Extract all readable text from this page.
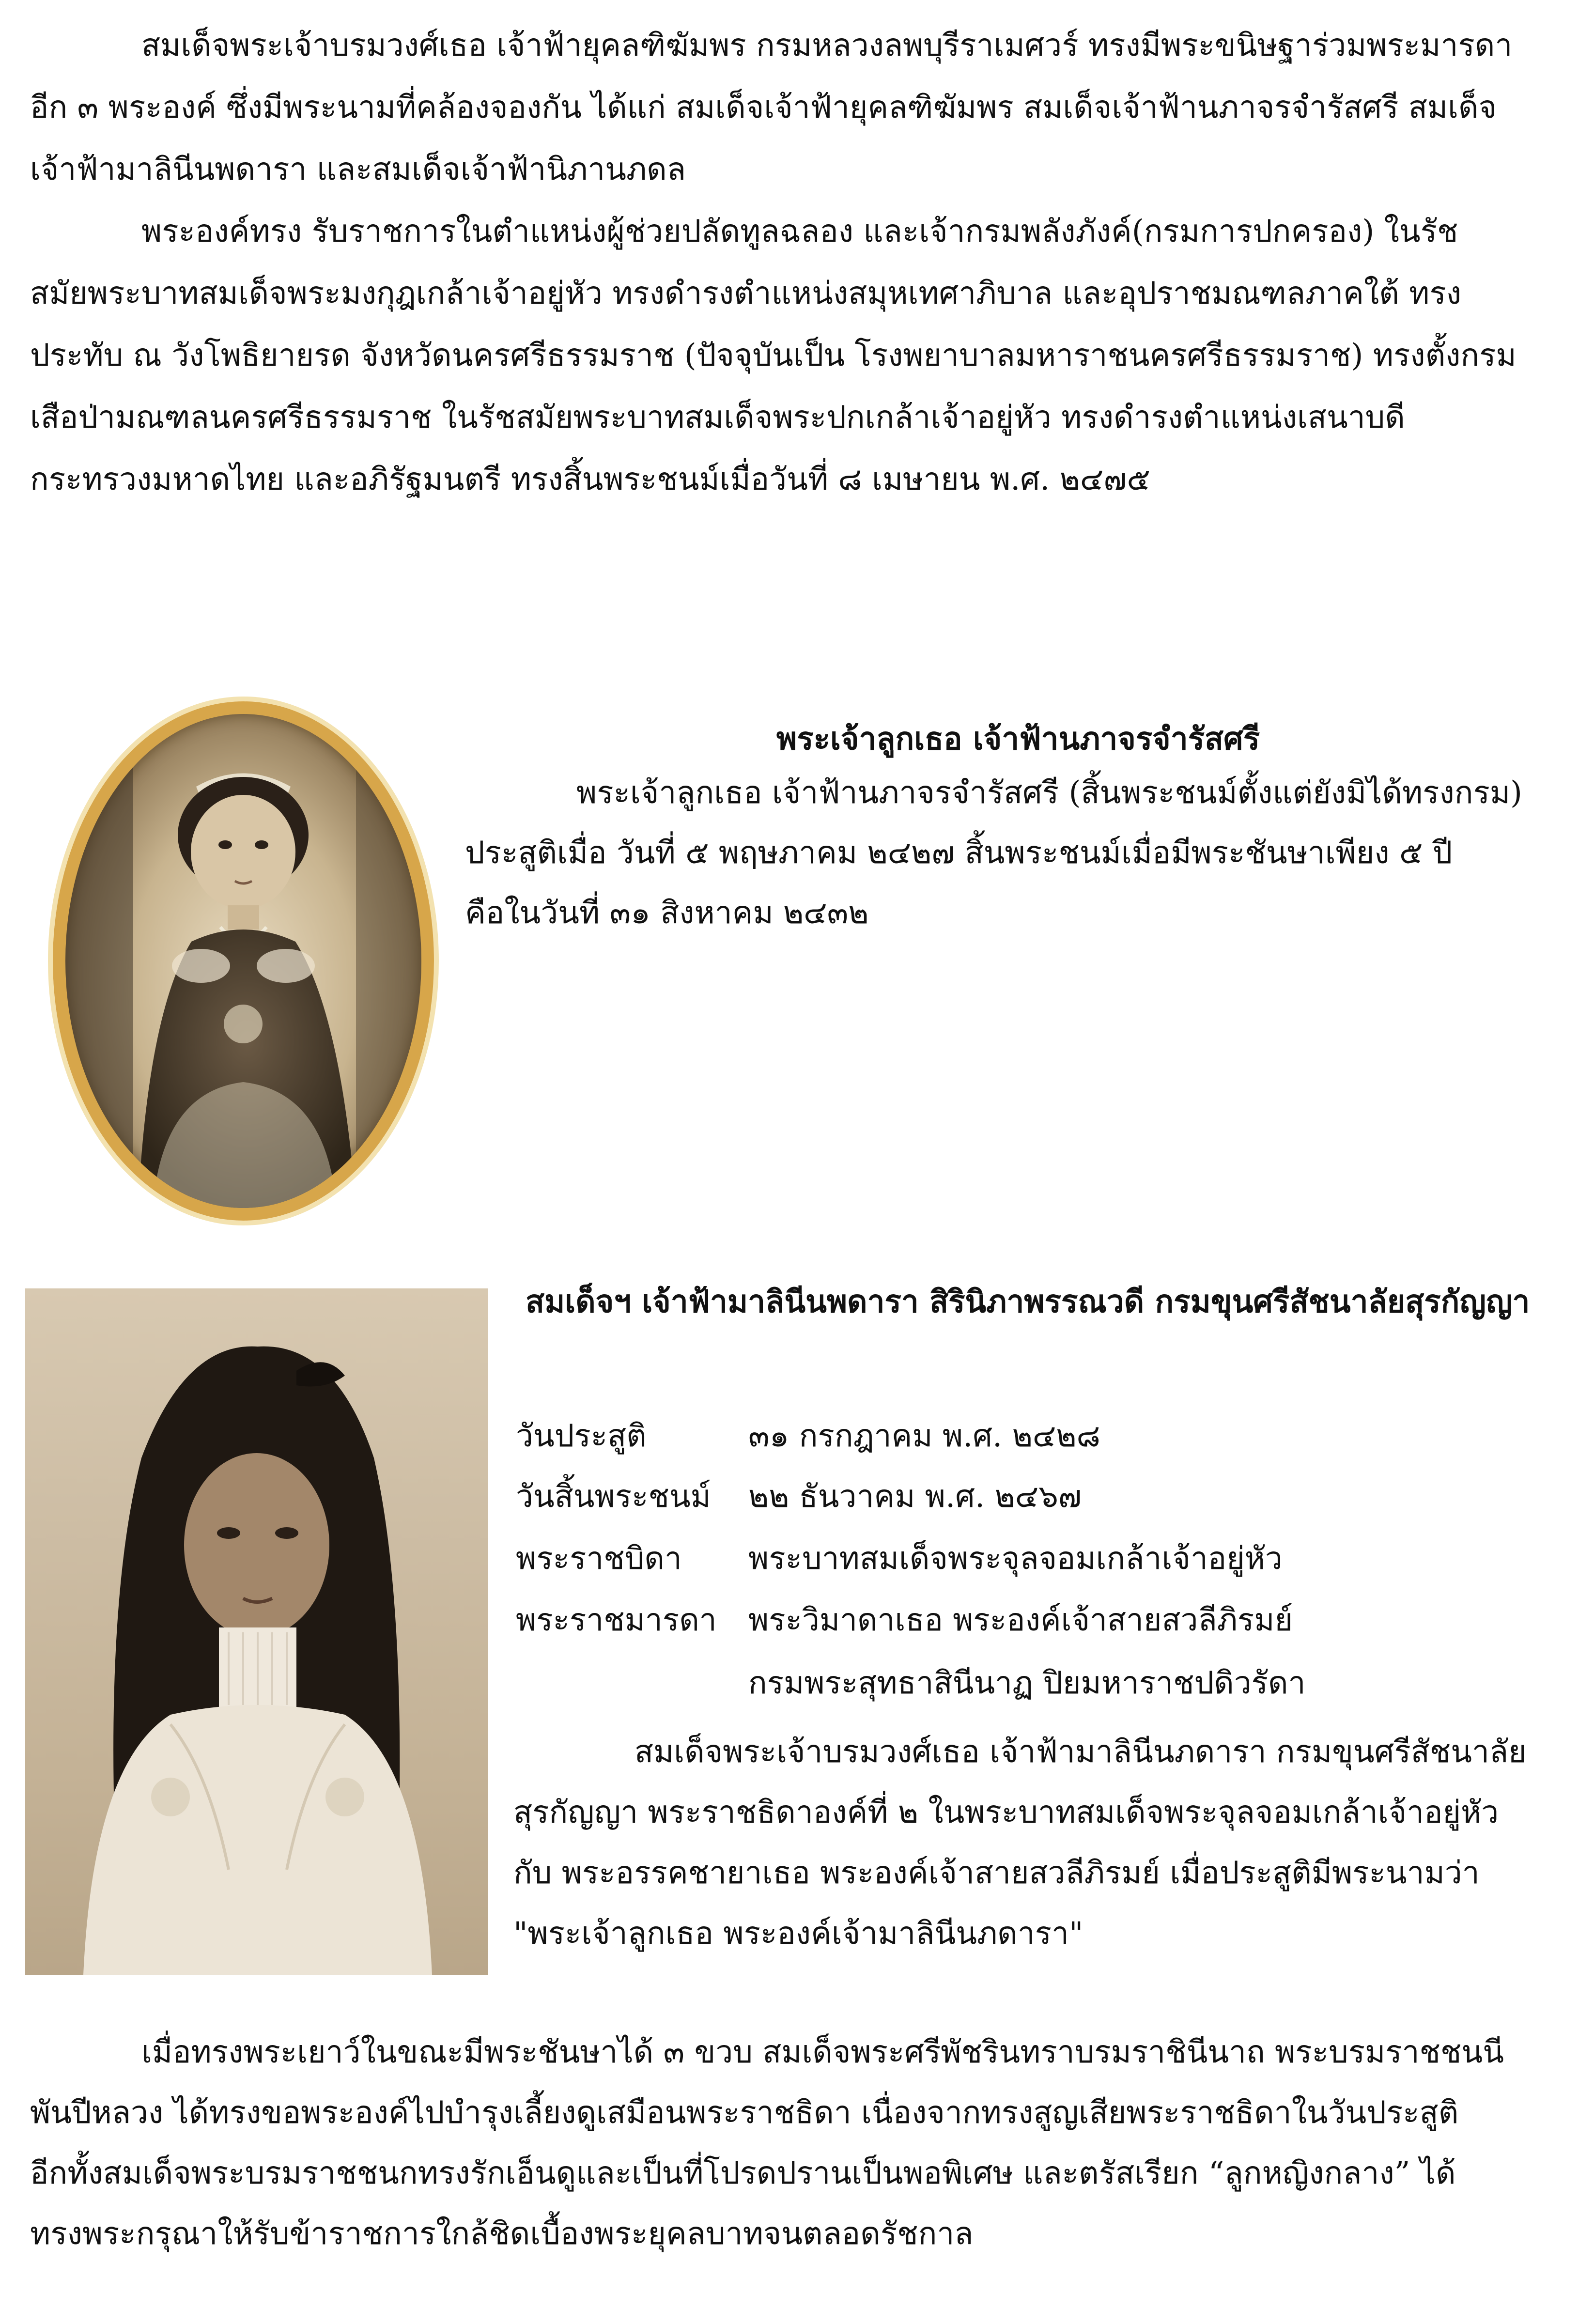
สมเด็จพระเจ้าบรมวงศ์เธอ เจ้าฟ้ายุคลฑิฆัมพร กรมหลวงลพบุรีราเมศวร์ ทรงมีพระขนิษฐาร่วมพระมารดา

อีก ๓ พระองค์ ซึ่งมีพระนามที่คล้องจองกัน ได้แก่ สมเด็จเจ้าฟ้ายุคลฑิฆัมพร สมเด็จเจ้าฟ้านภาจรจำรัสศรี สมเด็จ

เจ้าฟ้ามาลินีนพดารา และสมเด็จเจ้าฟ้านิภานภดล

พระองค์ทรง รับราชการในตำแหน่งผู้ช่วยปลัดทูลฉลอง และเจ้ากรมพลังภังค์(กรมการปกครอง) ในรัช

สมัยพระบาทสมเด็จพระมงกุฎเกล้าเจ้าอยู่หัว ทรงดำรงตำแหน่งสมุหเทศาภิบาล และอุปราชมณฑลภาคใต้ ทรง

ประทับ ณ วังโพธิยายรด จังหวัดนครศรีธรรมราช (ปัจจุบันเป็น โรงพยาบาลมหาราชนครศรีธรรมราช) ทรงตั้งกรม

เสือป่ามณฑลนครศรีธรรมราช ในรัชสมัยพระบาทสมเด็จพระปกเกล้าเจ้าอยู่หัว ทรงดำรงตำแหน่งเสนาบดี

กระทรวงมหาดไทย และอภิรัฐมนตรี ทรงสิ้นพระชนม์เมื่อวันที่ ๘ เมษายน พ.ศ. ๒๔๗๕

พระเจ้าลูกเธอ เจ้าฟ้านภาจรจำรัสศรี

พระเจ้าลูกเธอ เจ้าฟ้านภาจรจำรัสศรี (สิ้นพระชนม์ตั้งแต่ยังมิได้ทรงกรม)

ประสูติเมื่อ วันที่ ๕ พฤษภาคม ๒๔๒๗ สิ้นพระชนม์เมื่อมีพระชันษาเพียง ๕ ปี

คือในวันที่ ๓๑ สิงหาคม ๒๔๓๒

สมเด็จฯ เจ้าฟ้ามาลินีนพดารา สิรินิภาพรรณวดี กรมขุนศรีสัชนาลัยสุรกัญญา
วันประสูติ	๓๑ กรกฎาคม พ.ศ. ๒๔๒๘
วันสิ้นพระชนม์ ๒๒ ธันวาคม พ.ศ. ๒๔๖๗
พระราชบิดา พระบาทสมเด็จพระจุลจอมเกล้าเจ้าอยู่หัว
พระราชมารดา พระวิมาดาเธอ พระองค์เจ้าสายสวลีภิรมย์
กรมพระสุทธาสินีนาฏ ปิยมหาราชปดิวรัดา

สมเด็จพระเจ้าบรมวงศ์เธอ เจ้าฟ้ามาลินีนภดารา กรมขุนศรีสัชนาลัย

สุรกัญญา พระราชธิดาองค์ที่ ๒ ในพระบาทสมเด็จพระจุลจอมเกล้าเจ้าอยู่หัว

กับ พระอรรคชายาเธอ พระองค์เจ้าสายสวลีภิรมย์ เมื่อประสูติมีพระนามว่า

"พระเจ้าลูกเธอ พระองค์เจ้ามาลินีนภดารา"

เมื่อทรงพระเยาว์ในขณะมีพระชันษาได้ ๓ ขวบ สมเด็จพระศรีพัชรินทราบรมราชินีนาถ พระบรมราชชนนี

พันปีหลวง ได้ทรงขอพระองค์ไปบำรุงเลี้ยงดูเสมือนพระราชธิดา เนื่องจากทรงสูญเสียพระราชธิดาในวันประสูติ

อีกทั้งสมเด็จพระบรมราชชนกทรงรักเอ็นดูและเป็นที่โปรดปรานเป็นพอพิเศษ และตรัสเรียก “ลูกหญิงกลาง” ได้

ทรงพระกรุณาให้รับข้าราชการใกล้ชิดเบื้องพระยุคลบาทจนตลอดรัชกาล
